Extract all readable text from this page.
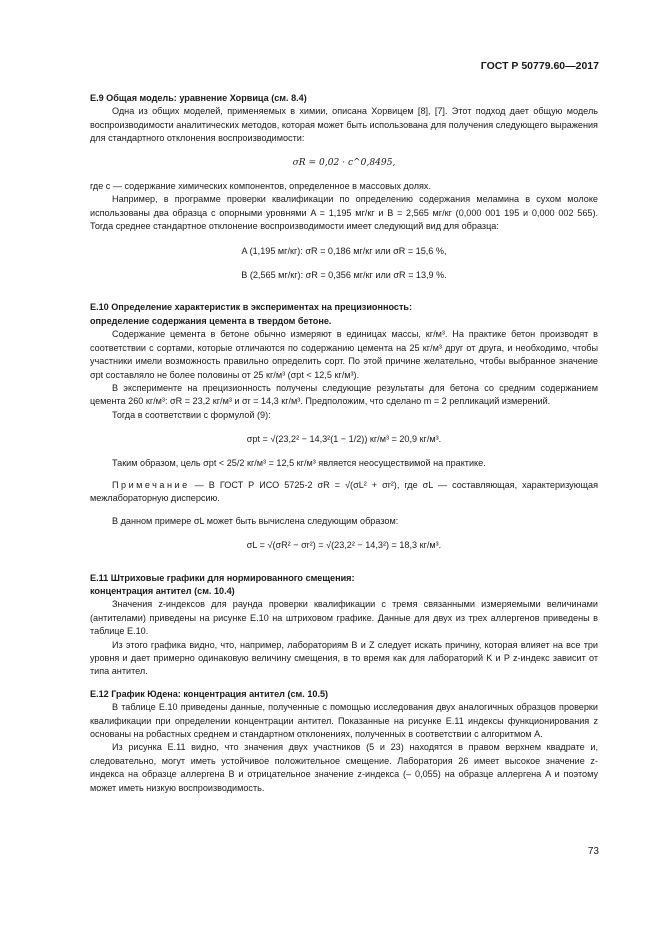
ГОСТ Р 50779.60—2017

Е.9 Общая модель: уравнение Хорвица (см. 8.4)

Одна из общих моделей, применяемых в химии, описана Хорвицем [8], [7]. Этот подход дает общую модель воспроизводимости аналитических методов, которая может быть использована для получения следующего выражения для стандартного отклонения воспроизводимости:

σR = 0,02 · c^0,8495,

где c — содержание химических компонентов, определенное в массовых долях.

Например, в программе проверки квалификации по определению содержания меламина в сухом молоке использованы два образца с опорными уровнями A = 1,195 мг/кг и B = 2,565 мг/кг (0,000 001 195 и 0,000 002 565). Тогда среднее стандартное отклонение воспроизводимости имеет следующий вид для образца:

A (1,195 мг/кг): σR = 0,186 мг/кг или σR = 15,6 %,

B (2,565 мг/кг): σR = 0,356 мг/кг или σR = 13,9 %.

Е.10 Определение характеристик в экспериментах на прецизионность:

определение содержания цемента в твердом бетоне.

Содержание цемента в бетоне обычно измеряют в единицах массы, кг/м³. На практике бетон производят в соответствии с сортами, которые отличаются по содержанию цемента на 25 кг/м³ друг от друга, и необходимо, чтобы участники имели возможность правильно определить сорт. По этой причине желательно, чтобы выбранное значение σpt составляло не более половины от 25 кг/м³ (σpt < 12,5 кг/м³).

В эксперименте на прецизионность получены следующие результаты для бетона со средним содержанием цемента 260 кг/м³: σR = 23,2 кг/м³ и σr = 14,3 кг/м³. Предположим, что сделано m = 2 репликаций измерений.

Тогда в соответствии с формулой (9):

σpt = √(23,2² − 14,3²(1 − 1/2)) кг/м³ = 20,9 кг/м³.

Таким образом, цель σpt < 25/2 кг/м³ = 12,5 кг/м³ является неосуществимой на практике.

Примечание — В ГОСТ Р ИСО 5725-2 σR = √(σL² + σr²), где σL — составляющая, характеризующая межлабораторную дисперсию.

В данном примере σL может быть вычислена следующим образом:

σL = √(σR² − σr²) = √(23,2² − 14,3²) = 18,3 кг/м³.

Е.11 Штриховые графики для нормированного смещения:

концентрация антител (см. 10.4)

Значения z-индексов для раунда проверки квалификации с тремя связанными измеряемыми величинами (антителами) приведены на рисунке Е.10 на штриховом графике. Данные для двух из трех аллергенов приведены в таблице Е.10.

Из этого графика видно, что, например, лабораториям B и Z следует искать причину, которая влияет на все три уровня и дает примерно одинаковую величину смещения, в то время как для лабораторий K и P z-индекс зависит от типа антител.

Е.12 График Юдена: концентрация антител (см. 10.5)

В таблице Е.10 приведены данные, полученные с помощью исследования двух аналогичных образцов проверки квалификации при определении концентрации антител. Показанные на рисунке Е.11 индексы функционирования z основаны на робастных среднем и стандартном отклонениях, полученных в соответствии с алгоритмом A.

Из рисунка Е.11 видно, что значения двух участников (5 и 23) находятся в правом верхнем квадрате и, следовательно, могут иметь устойчивое положительное смещение. Лаборатория 26 имеет высокое значение z-индекса на образце аллергена B и отрицательное значение z-индекса (– 0,055) на образце аллергена A и поэтому может иметь низкую воспроизводимость.

73
